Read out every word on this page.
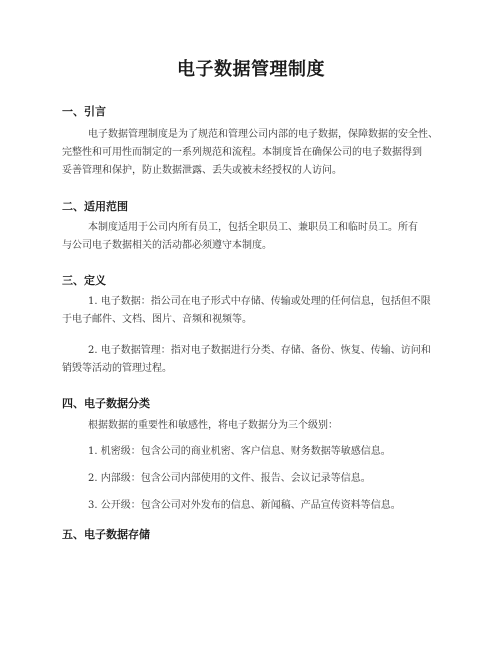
电子数据管理制度
一、引言
电子数据管理制度是为了规范和管理公司内部的电子数据，保障数据的安全性、
完整性和可用性而制定的一系列规范和流程。本制度旨在确保公司的电子数据得到
妥善管理和保护，防止数据泄露、丢失或被未经授权的人访问。
二、适用范围
本制度适用于公司内所有员工，包括全职员工、兼职员工和临时员工。所有
与公司电子数据相关的活动都必须遵守本制度。
三、定义
1. 电子数据：指公司在电子形式中存储、传输或处理的任何信息，包括但不限
于电子邮件、文档、图片、音频和视频等。
2. 电子数据管理：指对电子数据进行分类、存储、备份、恢复、传输、访问和
销毁等活动的管理过程。
四、电子数据分类
根据数据的重要性和敏感性，将电子数据分为三个级别：
1. 机密级：包含公司的商业机密、客户信息、财务数据等敏感信息。
2. 内部级：包含公司内部使用的文件、报告、会议记录等信息。
3. 公开级：包含公司对外发布的信息、新闻稿、产品宣传资料等信息。
五、电子数据存储
